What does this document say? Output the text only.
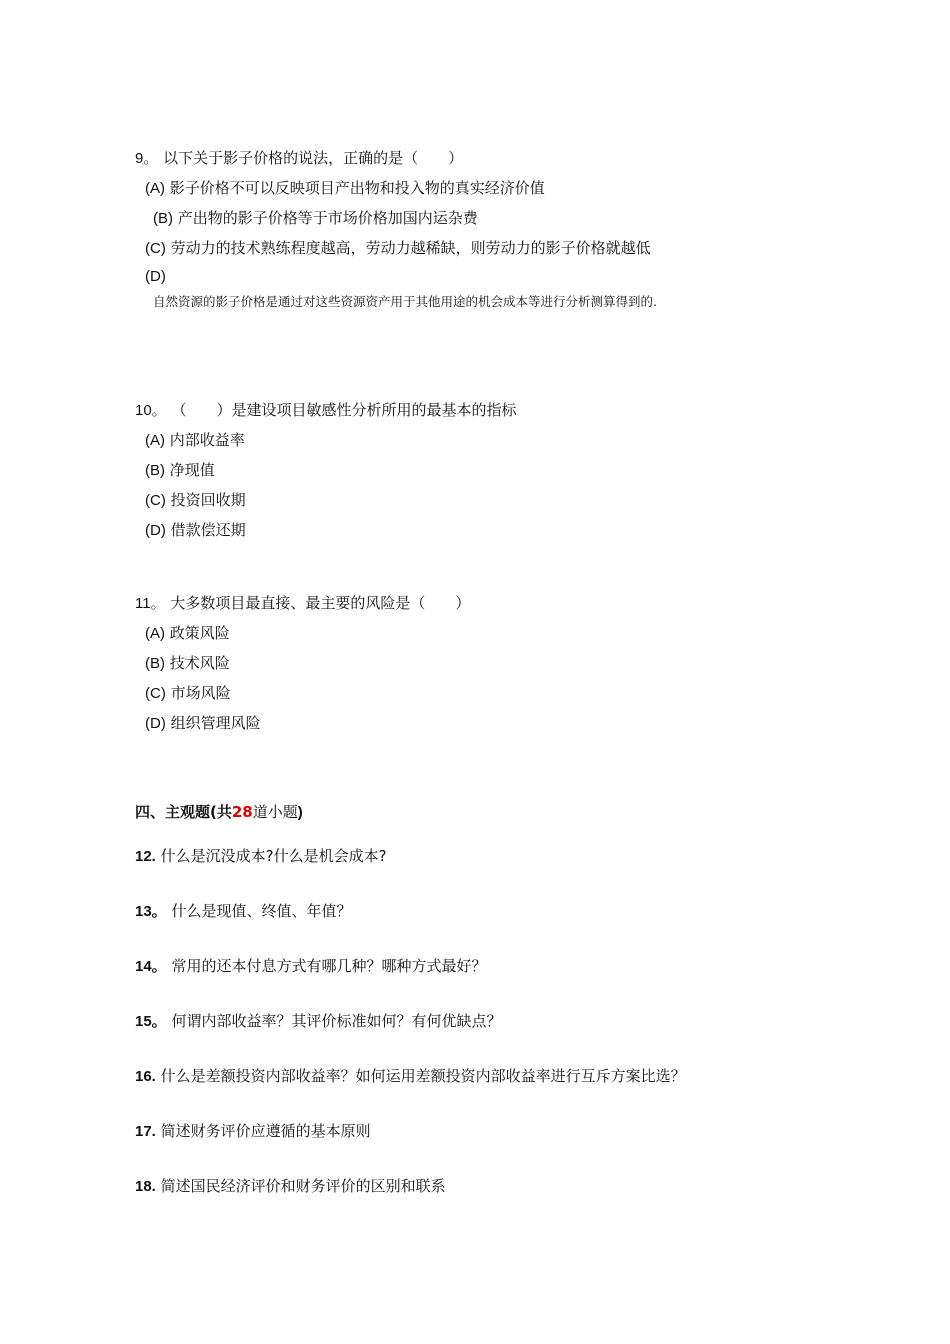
9。 以下关于影子价格的说法，正确的是（　　）
(A) 影子价格不可以反映项目产出物和投入物的真实经济价值
(B) 产出物的影子价格等于市场价格加国内运杂费
(C) 劳动力的技术熟练程度越高，劳动力越稀缺，则劳动力的影子价格就越低
(D)
自然资源的影子价格是通过对这些资源资产用于其他用途的机会成本等进行分析测算得到的.
10。 （　　）是建设项目敏感性分析所用的最基本的指标
(A) 内部收益率
(B) 净现值
(C) 投资回收期
(D) 借款偿还期
11。 大多数项目最直接、最主要的风险是（　　）
(A) 政策风险
(B) 技术风险
(C) 市场风险
(D) 组织管理风险
四、主观题(共28道小题)
12. 什么是沉没成本?什么是机会成本?
13。 什么是现值、终值、年值？
14。 常用的还本付息方式有哪几种？哪种方式最好？
15。 何谓内部收益率？其评价标准如何？有何优缺点？
16. 什么是差额投资内部收益率？如何运用差额投资内部收益率进行互斥方案比选？
17. 简述财务评价应遵循的基本原则
18. 简述国民经济评价和财务评价的区别和联系
